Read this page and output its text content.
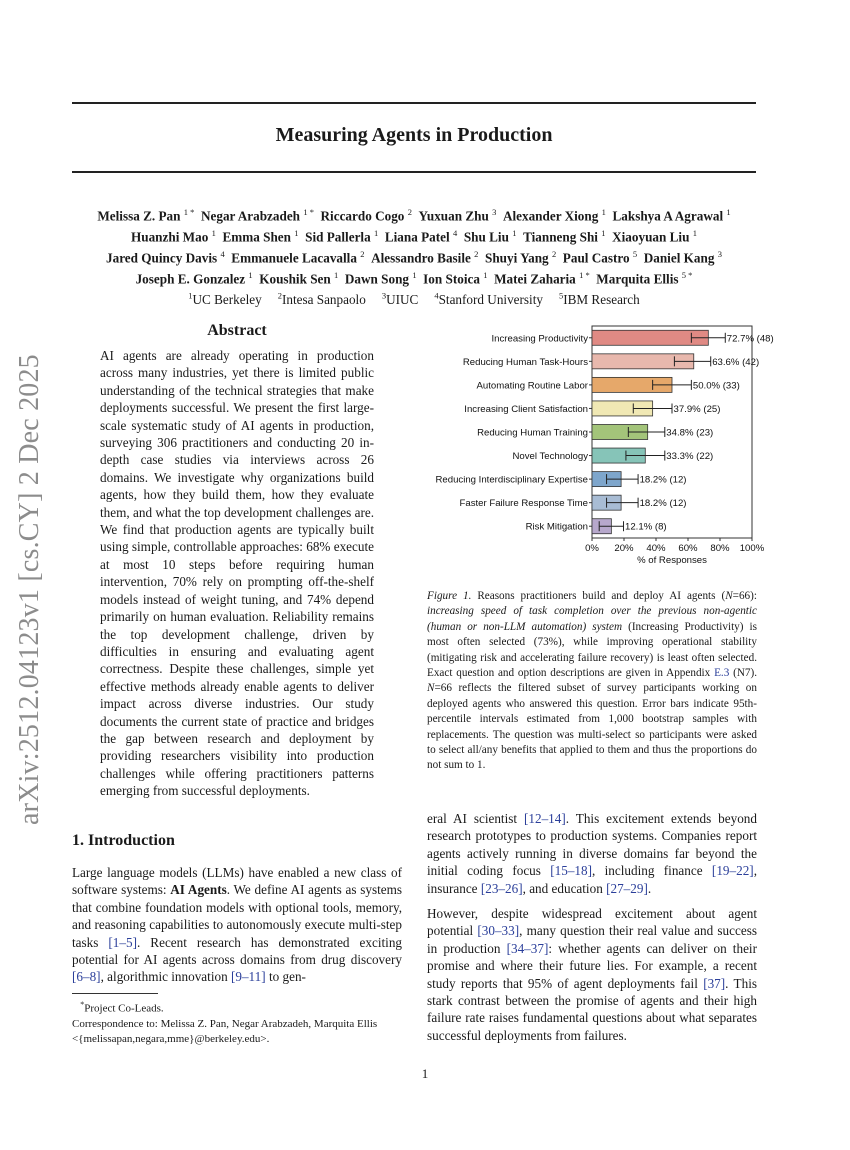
Measuring Agents in Production
Melissa Z. Pan $^{1 *}$ Negar Arabzadeh $^{1 *}$ Riccardo Cogo $^2$ Yuxuan Zhu $^3$ Alexander Xiong $^1$ Lakshya A Agrawal $^1$
Huanzhi Mao $^1$ Emma Shen $^1$ Sid Pallerla $^1$ Liana Patel $^4$ Shu Liu $^1$ Tianneng Shi $^1$ Xiaoyuan Liu $^1$
Jared Quincy Davis $^4$ Emmanuele Lacavalla $^2$ Alessandro Basile $^2$ Shuyi Yang $^2$ Paul Castro $^5$ Daniel Kang $^3$
Joseph E. Gonzalez $^1$ Koushik Sen $^1$ Dawn Song $^1$ Ion Stoica $^1$ Matei Zaharia $^{1 *}$ Marquita Ellis $^{5 *}$
$^1$UC Berkeley $^2$Intesa Sanpaolo $^3$UIUC $^4$Stanford University $^5$IBM Research
arXiv:2512.04123v1 [cs.CY] 2 Dec 2025
Abstract

AI agents are already operating in production across many industries, yet there is limited public understanding of the technical strategies that make deployments successful. We present the first large-scale systematic study of AI agents in production, surveying 306 practitioners and conducting 20 in-depth case studies via interviews across 26 domains. We investigate why organizations build agents, how they build them, how they evaluate them, and what the top development challenges are. We find that production agents are typically built using simple, controllable approaches: 68% execute at most 10 steps before requiring human intervention, 70% rely on prompting off-the-shelf models instead of weight tuning, and 74% depend primarily on human evaluation. Reliability remains the top development challenge, driven by difficulties in ensuring and evaluating agent correctness. Despite these challenges, simple yet effective methods already enable agents to deliver impact across diverse industries. Our study documents the current state of practice and bridges the gap between research and deployment by providing researchers visibility into production challenges while offering practitioners patterns emerging from successful deployments.

1. Introduction

Large language models (LLMs) have enabled a new class of software systems: AI Agents. We define AI agents as systems that combine foundation models with optional tools, memory, and reasoning capabilities to autonomously execute multi-step tasks [1–5]. Recent research has demonstrated exciting potential for AI agents across domains from drug discovery [6–8], algorithmic innovation [9–11] to gen-

*Project Co-Leads.

Correspondence to: Melissa Z. Pan, Negar Arabzadeh, Marquita Ellis <{melissapan,negara,mme}@berkeley.edu>.

Increasing Productivity	72.7% (48)
Reducing Human Task-Hours	63.6% (42)
Automating Routine Labor	50.0% (33)
Increasing Client Satisfaction	37.9% (25)
Reducing Human Training	34.8% (23)
Novel Technology	33.3% (22)
Reducing Interdisciplinary Expertise	18.2% (12)
Faster Failure Response Time	18.2% (12)
Risk Mitigation	12.1% (8)
0% 20% 40% 60% 80% 100%
% of Responses

Figure 1. Reasons practitioners build and deploy AI agents (N=66): increasing speed of task completion over the previous non-agentic (human or non-LLM automation) system (Increasing Productivity) is most often selected (73%), while improving operational stability (mitigating risk and accelerating failure recovery) is least often selected. Exact question and option descriptions are given in Appendix E.3 (N7). N=66 reflects the filtered subset of survey participants working on deployed agents who answered this question. Error bars indicate 95th-percentile intervals estimated from 1,000 bootstrap samples with replacements. The question was multi-select so participants were asked to select all/any benefits that applied to them and thus the proportions do not sum to 1.

eral AI scientist [12–14]. This excitement extends beyond research prototypes to production systems. Companies report agents actively running in diverse domains far beyond the initial coding focus [15–18], including finance [19–22], insurance [23–26], and education [27–29].

However, despite widespread excitement about agent potential [30–33], many question their real value and success in production [34–37]: whether agents can deliver on their promise and where their future lies. For example, a recent study reports that 95% of agent deployments fail [37]. This stark contrast between the promise of agents and their high failure rate raises fundamental questions about what separates successful deployments from failures.

1
